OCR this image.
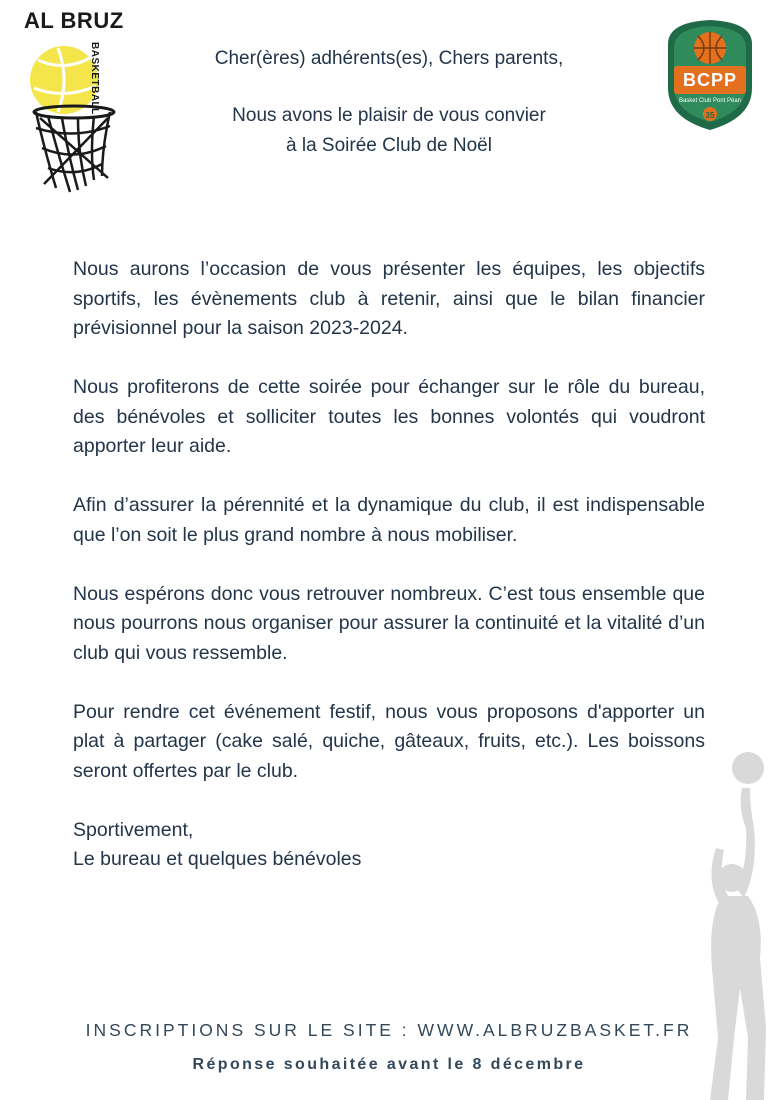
AL BRUZ
BASKETBALL
35
BCPP
Basket Club Pont Péan
Cher(ères) adhérents(es), Chers parents,
Nous avons le plaisir de vous convier
à la Soirée Club de Noël

Nous aurons l’occasion de vous présenter les équipes, les objectifs sportifs, les évènements club à retenir, ainsi que le bilan financier prévisionnel pour la saison 2023-2024.

Nous profiterons de cette soirée pour échanger sur le rôle du bureau, des bénévoles et solliciter toutes les bonnes volontés qui voudront apporter leur aide.

Afin d’assurer la pérennité et la dynamique du club, il est indispensable que l’on soit le plus grand nombre à nous mobiliser.

Nous espérons donc vous retrouver nombreux. C’est tous ensemble que nous pourrons nous organiser pour assurer la continuité et la vitalité d’un club qui vous ressemble.

Pour rendre cet événement festif, nous vous proposons d'apporter un plat à partager (cake salé, quiche, gâteaux, fruits, etc.). Les boissons seront offertes par le club.

Sportivement,

Le bureau et quelques bénévoles

INSCRIPTIONS SUR LE SITE : WWW.ALBRUZBASKET.FR
Réponse souhaitée avant le 8 décembre
